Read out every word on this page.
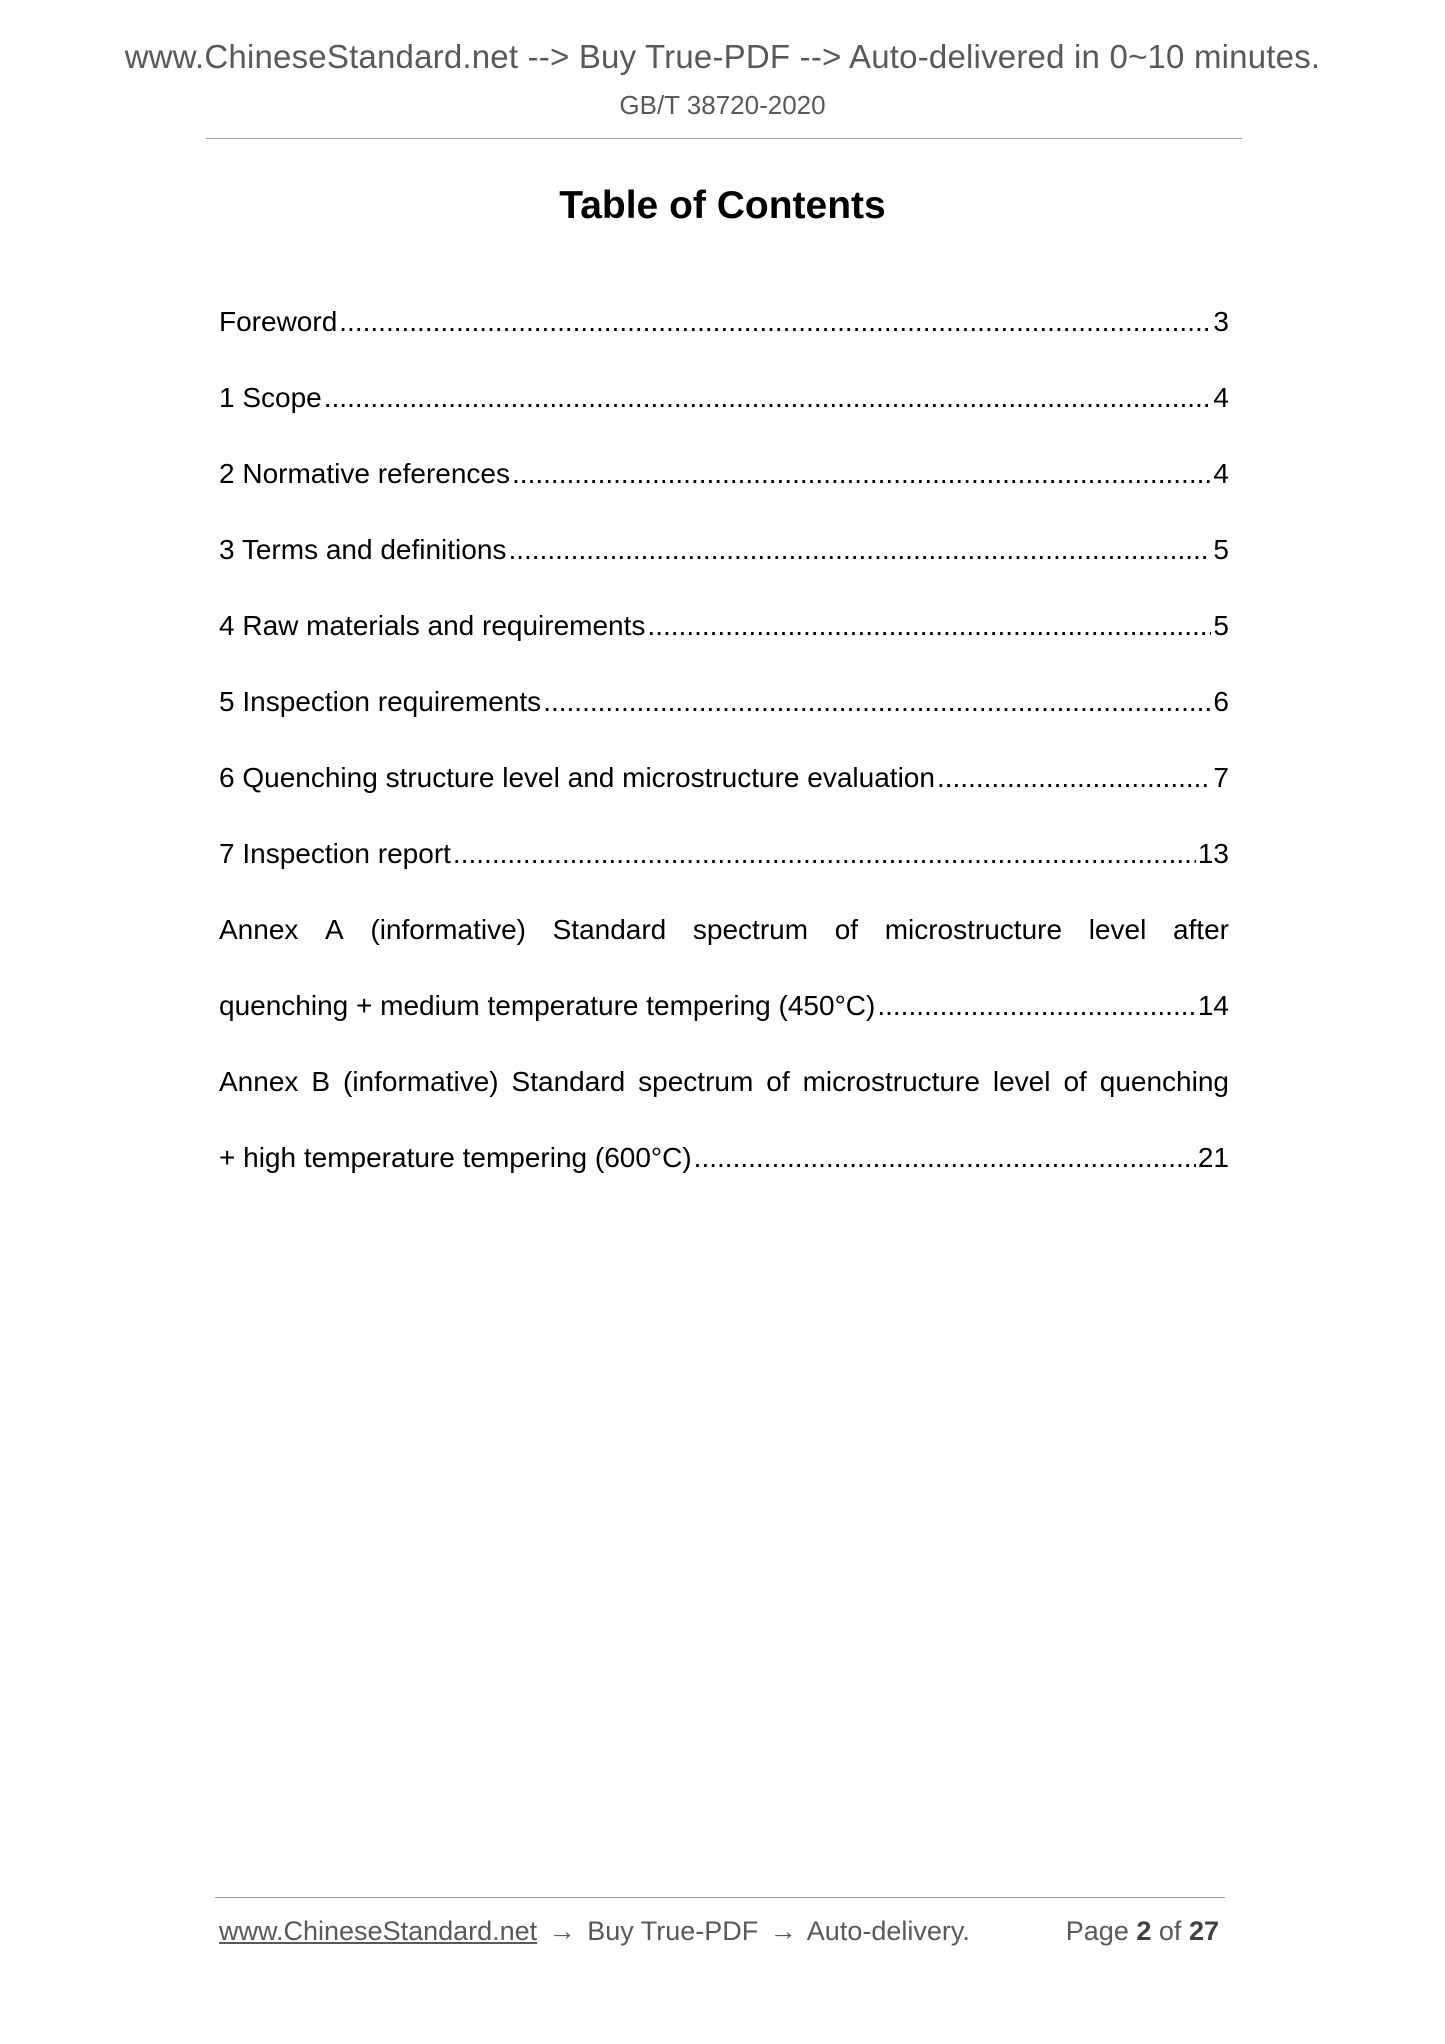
www.ChineseStandard.net --> Buy True-PDF --> Auto-delivered in 0~10 minutes.
GB/T 38720-2020
Table of Contents
Foreword .....	3
1 Scope .....	4
2 Normative references .....	4
3 Terms and definitions .....	5
4 Raw materials and requirements .....	5
5 Inspection requirements .....	6
6 Quenching structure level and microstructure evaluation .....	7
7 Inspection report .....	13
Annex A (informative) Standard spectrum of microstructure level after
quenching + medium temperature tempering (450°C) .....	14
Annex B (informative) Standard spectrum of microstructure level of quenching
+ high temperature tempering (600°C) .....	21
www.ChineseStandard.net → Buy True-PDF → Auto-delivery.	Page 2 of 27
